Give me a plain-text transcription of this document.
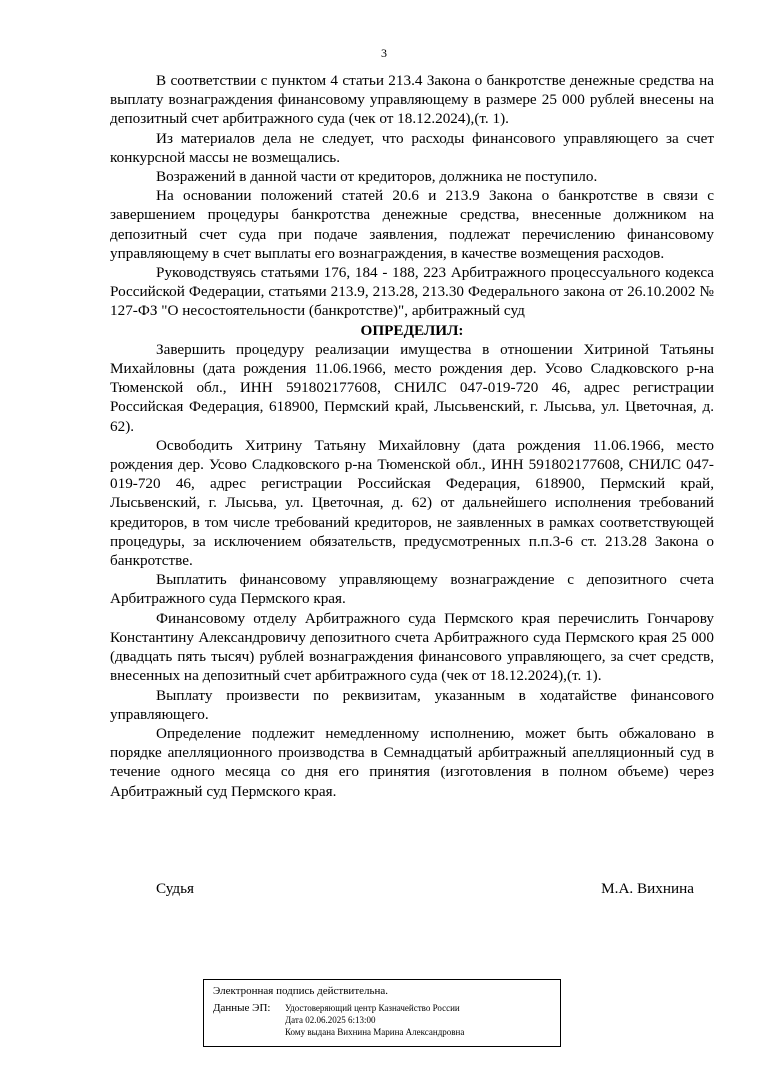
3

В соответствии с пунктом 4 статьи 213.4 Закона о банкротстве денежные средства на выплату вознаграждения финансовому управляющему в размере 25 000 рублей внесены на депозитный счет арбитражного суда (чек от 18.12.2024),(т. 1).

Из материалов дела не следует, что расходы финансового управляющего за счет конкурсной массы не возмещались.

Возражений в данной части от кредиторов, должника не поступило.

На основании положений статей 20.6 и 213.9 Закона о банкротстве в связи с завершением процедуры банкротства денежные средства, внесенные должником на депозитный счет суда при подаче заявления, подлежат перечислению финансовому управляющему в счет выплаты его вознаграждения, в качестве возмещения расходов.

Руководствуясь статьями 176, 184 - 188, 223 Арбитражного процессуального кодекса Российской Федерации, статьями 213.9, 213.28, 213.30 Федерального закона от 26.10.2002 № 127-ФЗ "О несостоятельности (банкротстве)", арбитражный суд

ОПРЕДЕЛИЛ:

Завершить процедуру реализации имущества в отношении Хитриной Татьяны Михайловны (дата рождения 11.06.1966, место рождения дер. Усово Сладковского р-на Тюменской обл., ИНН 591802177608, СНИЛС 047-019-720 46, адрес регистрации Российская Федерация, 618900, Пермский край, Лысьвенский, г. Лысьва, ул. Цветочная, д. 62).

Освободить Хитрину Татьяну Михайловну (дата рождения 11.06.1966, место рождения дер. Усово Сладковского р-на Тюменской обл., ИНН 591802177608, СНИЛС 047-019-720 46, адрес регистрации Российская Федерация, 618900, Пермский край, Лысьвенский, г. Лысьва, ул. Цветочная, д. 62) от дальнейшего исполнения требований кредиторов, в том числе требований кредиторов, не заявленных в рамках соответствующей процедуры, за исключением обязательств, предусмотренных п.п.3-6 ст. 213.28 Закона о банкротстве.

Выплатить финансовому управляющему вознаграждение с депозитного счета Арбитражного суда Пермского края.

Финансовому отделу Арбитражного суда Пермского края перечислить Гончарову Константину Александровичу депозитного счета Арбитражного суда Пермского края 25 000 (двадцать пять тысяч) рублей вознаграждения финансового управляющего, за счет средств, внесенных на депозитный счет арбитражного суда (чек от 18.12.2024),(т. 1).

Выплату произвести по реквизитам, указанным в ходатайстве финансового управляющего.

Определение подлежит немедленному исполнению, может быть обжаловано в порядке апелляционного производства в Семнадцатый арбитражный апелляционный суд в течение одного месяца со дня его принятия (изготовления в полном объеме) через Арбитражный суд Пермского края.

Судья	М.А. Вихнина
Электронная подпись действительна.
Данные ЭП:	Удостоверяющий центр Казначейство России
Дата 02.06.2025 6:13:00
Кому выдана Вихнина Марина Александровна
